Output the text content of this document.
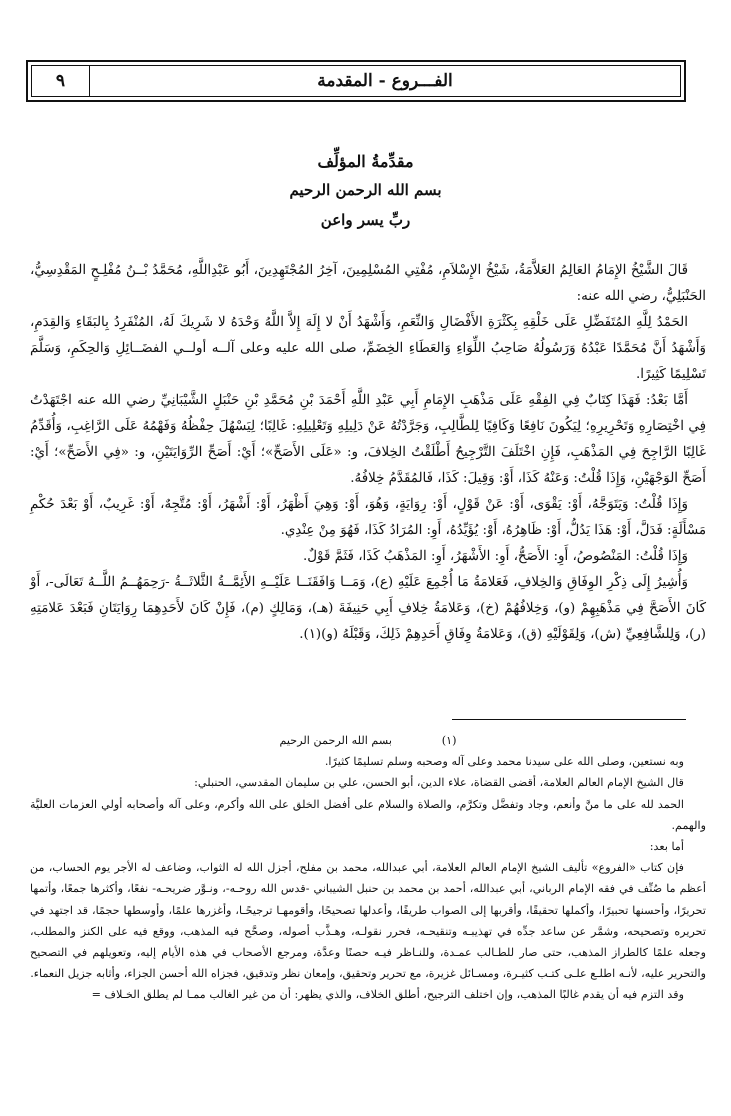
٩	الفـــروع - المقدمة
مقدِّمةُ المؤلِّف
بسم الله الرحمن الرحيم
ربِّ يسر واعن

قَالَ الشَّيْخُ الإِمَامُ العَالِمُ العَلاَّمَةُ، شَيْخُ الإِسْلاَمِ، مُفْتِي المُسْلِمِينَ، آخِرُ المُجْتَهِدِينَ، أَبُو عَبْدِاللَّهِ، مُحَمَّدُ بْــنُ مُفْلِـحٍ المَقْدِسِيُّ، الحَنْبَلِيُّ، رضي الله عنه:

الحَمْدُ لِلَّهِ المُتَفَضِّلِ عَلَى خَلْقِهِ بِكَثْرَةِ الأَفْضَالِ وَالنِّعَمِ، وَأَشْهَدُ أَنْ لا إِلَهَ إِلاَّ اللَّهُ وَحْدَهُ لا شَرِيكَ لَهُ، المُنْفَرِدُ بِالبَقَاءِ وَالقِدَمِ، وَأَشْهَدُ أَنَّ مُحَمَّدًا عَبْدُهُ وَرَسُولُهُ صَاحِبُ اللِّوَاءِ وَالعَطَاءِ الخِضَمِّ، صلى الله عليه وعلى آلــه أولــي الفضَــائِلِ وَالحِكَمِ، وَسَلَّمَ تَسْلِيمًا كَثِيرًا.

أَمَّا بَعْدُ: فَهَذَا كِتَابٌ فِي الفِقْهِ عَلَى مَذْهَبِ الإِمَامِ أَبِي عَبْدِ اللَّهِ أَحْمَدَ بْنِ مُحَمَّدِ بْنِ حَنْبَلٍ الشَّيْبَانِيِّ رضي الله عنه اجْتَهَدْتُ فِي اخْتِصَارِهِ وَتَحْرِيرِهِ؛ لِيَكُونَ نَافِعًا وَكَافِيًا لِلطَّالِبِ، وَجَرَّدْتُهُ عَنْ دَلِيلِهِ وَتَعْلِيلِهِ: غَالِبًا؛ لِيَسْهُلَ حِفْظُهُ وَفَهْمُهُ عَلَى الرَّاغِبِ، وَأُقَدِّمُ غَالِبًا الرَّاجِحَ فِي المَذْهَبِ، فَإِنِ اخْتَلَفَ التَّرْجِيحُ أَطْلَقْتُ الخِلافَ، و: «عَلَى الأَصَحِّ»؛ أَيْ: أَصَحِّ الرِّوَايَتَيْنِ، و: «فِي الأَصَحِّ»؛ أَيْ: أَصَحِّ الوَجْهَيْنِ، وَإِذَا قُلْتُ: وَعَنْهُ كَذَا، أَوْ: وَقِيلَ: كَذَا، فَالمُقَدَّمُ خِلافُهُ.

وَإِذَا قُلْتُ: وَيَتَوَجَّهُ، أَوْ: يَقْوَى، أَوْ: عَنْ قَوْلٍ، أَوْ: رِوَايَةٍ، وَهُوَ، أَوْ: وَهِيَ أَظْهَرُ، أَوْ: أَشْهَرُ، أَوْ: مُتَّجِهٌ، أَوْ: غَرِيبٌ، أَوْ بَعْدَ حُكْمِ مَسْأَلَةٍ: فَدَلَّ، أَوْ: هَذَا يَدُلُّ، أَوْ: ظَاهِرُهُ، أَوْ: يُؤَيِّدُهُ، أَوِ: المُرَادُ كَذَا، فَهُوَ مِنْ عِنْدِي.

وَإِذَا قُلْتُ: المَنْصُوصُ، أَوِ: الأَصَحُّ، أَوِ: الأَشْهَرُ، أَوِ: المَذْهَبُ كَذَا، فَثَمَّ قَوْلٌ.

وَأُشِيرُ إِلَى ذِكْرِ الوِفَاقِ وَالخِلافِ، فَعَلامَةُ مَا أُجْمِعَ عَلَيْهِ (ع)، وَمَــا وَافَقَنَــا عَلَيْــهِ الأَئِمَّــةُ الثَّلاثَــةُ -رَحِمَهُــمُ اللَّــهُ تَعَالَى-، أَوْ كَانَ الأَصَحَّ فِي مَذْهَبِهِمْ (و)، وَخِلافُهُمْ (خ)، وَعَلامَةُ خِلافِ أَبِي حَنِيفَةَ (هـ)، وَمَالِكٍ (م)، فَإِنْ كَانَ لأَحَدِهِمَا رِوَايَتَانِ فَبَعْدَ عَلامَتِهِ (ر)، وَلِلشَّافِعِيِّ (ش)، وَلِقَوْلَيْهِ (ق)، وَعَلامَةُ وِفَاقِ أَحَدِهِمْ ذَلِكَ، وَقَبْلَهُ (و)(١).

(١)              بسم الله الرحمن الرحيم

وبه نستعين، وصلى الله على سيدنا محمد وعلى آله وصحبه وسلم تسليمًا كثيرًا.

قال الشيخ الإمام العالم العلامة، أقضى القضاة، علاء الدين، أبو الحسن، علي بن سليمان المقدسي، الحنبلي:

الحمد لله على ما منَّ وأنعم، وجاد وتفضَّل وتكرَّم، والصلاة والسلام على أفضل الخلق على الله وأكرم، وعلى آله وأصحابه أولي العزمات العليَّة والهمم.

أما بعد:

فإن كتاب «الفروع» تأليف الشيخ الإمام العالم العلامة، أبي عبدالله، محمد بن مفلح، أجزل الله له الثواب، وضاعف له الأجر يوم الحساب، من أعظم ما صُنِّف في فقه الإمام الرباني، أبي عبدالله، أحمد بن محمد بن حنبل الشيباني -قدس الله روحـه-، ونـوَّر ضريحـه- نفعًا، وأكثرها جمعًا، وأتمها تحريرًا، وأحسنها تحبيرًا، وأكملها تحقيقًا، وأقربها إلى الصواب طريقًا، وأعدلها تصحيحًا، وأقومهـا ترجيحًـا، وأغزرها علمًا، وأوسطها حجمًا، قد اجتهد في تحريره وتصحيحه، وشمَّر عن ساعد جدِّه في تهذيبـه وتنقيحـه، فحرر نقولـه، وهـذَّب أصوله، وصحَّح فيه المذهب، ووقع فيه على الكنز والمطلب، وجعله علمًا كالطراز المذهب، حتى صار للطـالب عمـدة، وللنـاظر فيـه حصنًا وعدَّة، ومرجع الأصحاب في هذه الأيام إليه، وتعويلهم في التصحيح والتحرير عليه، لأنـه اطلـع علـى كتـب كثيـرة، ومسـائل غزيرة، مع تحرير وتحقيق، وإمعان نظر وتدقيق، فجزاه الله أحسن الجزاء، وأثابه جزيل النعماء.

وقد التزم فيه أن يقدم غالبًا المذهب، وإن اختلف الترجيح، أطلق الخلاف، والذي يظهر: أن من غير الغالب ممـا لم يطلق الخـلاف =
